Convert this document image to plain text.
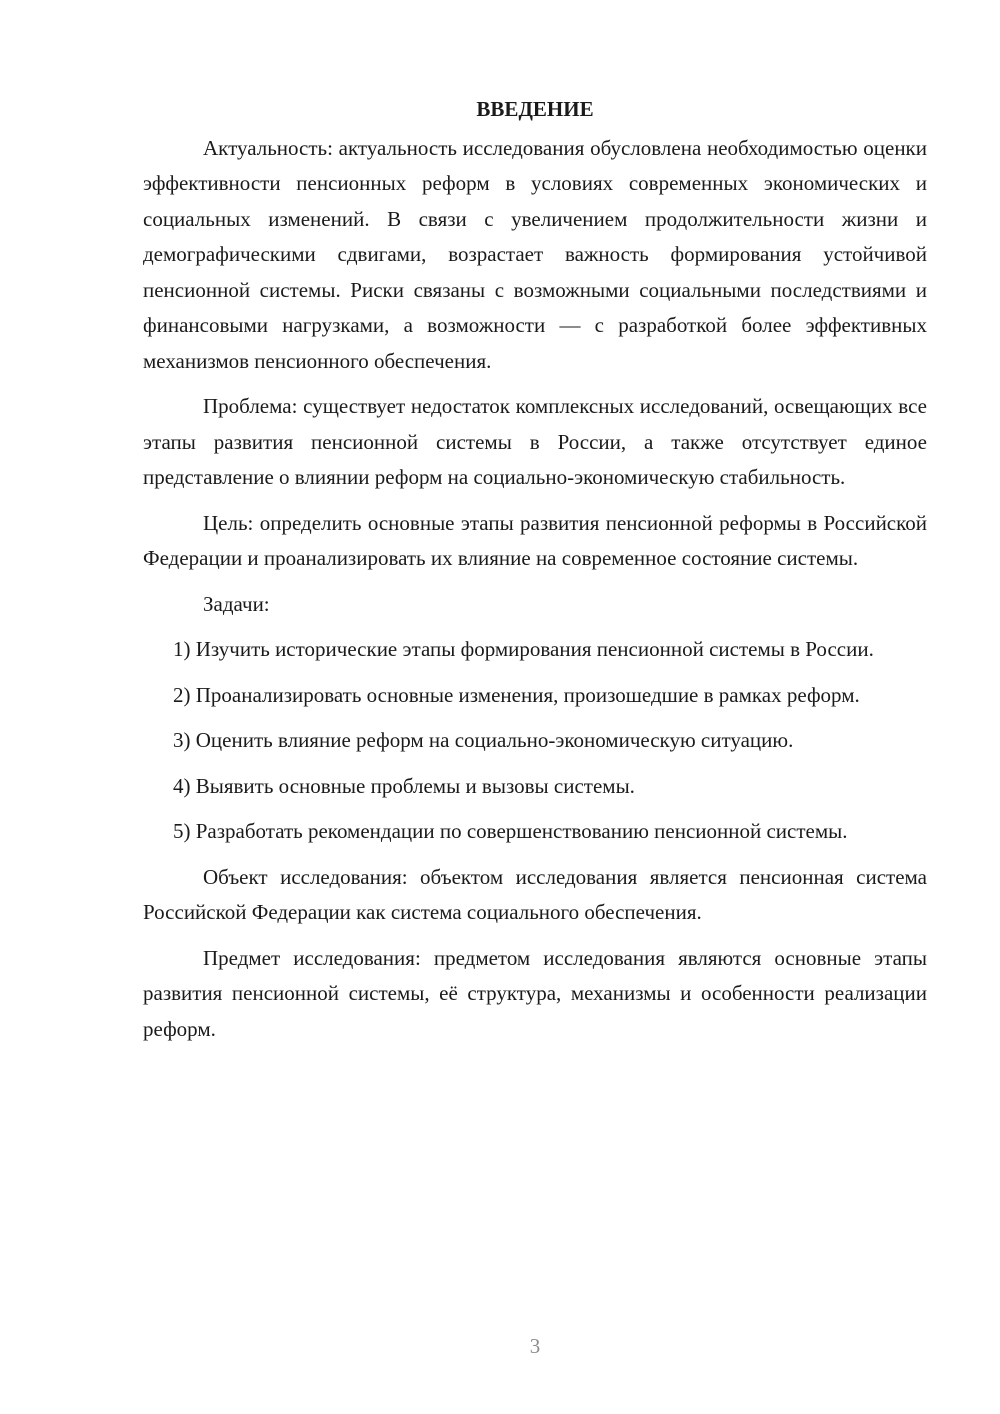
ВВЕДЕНИЕ

Актуальность: актуальность исследования обусловлена необходимостью оценки эффективности пенсионных реформ в условиях современных экономических и социальных изменений. В связи с увеличением продолжительности жизни и демографическими сдвигами, возрастает важность формирования устойчивой пенсионной системы. Риски связаны с возможными социальными последствиями и финансовыми нагрузками, а возможности — с разработкой более эффективных механизмов пенсионного обеспечения.

Проблема: существует недостаток комплексных исследований, освещающих все этапы развития пенсионной системы в России, а также отсутствует единое представление о влиянии реформ на социально-экономическую стабильность.

Цель: определить основные этапы развития пенсионной реформы в Российской Федерации и проанализировать их влияние на современное состояние системы.

Задачи:

1) Изучить исторические этапы формирования пенсионной системы в России.

2) Проанализировать основные изменения, произошедшие в рамках реформ.

3) Оценить влияние реформ на социально-экономическую ситуацию.

4) Выявить основные проблемы и вызовы системы.

5) Разработать рекомендации по совершенствованию пенсионной системы.

Объект исследования: объектом исследования является пенсионная система Российской Федерации как система социального обеспечения.

Предмет исследования: предметом исследования являются основные этапы развития пенсионной системы, её структура, механизмы и особенности реализации реформ.

3
